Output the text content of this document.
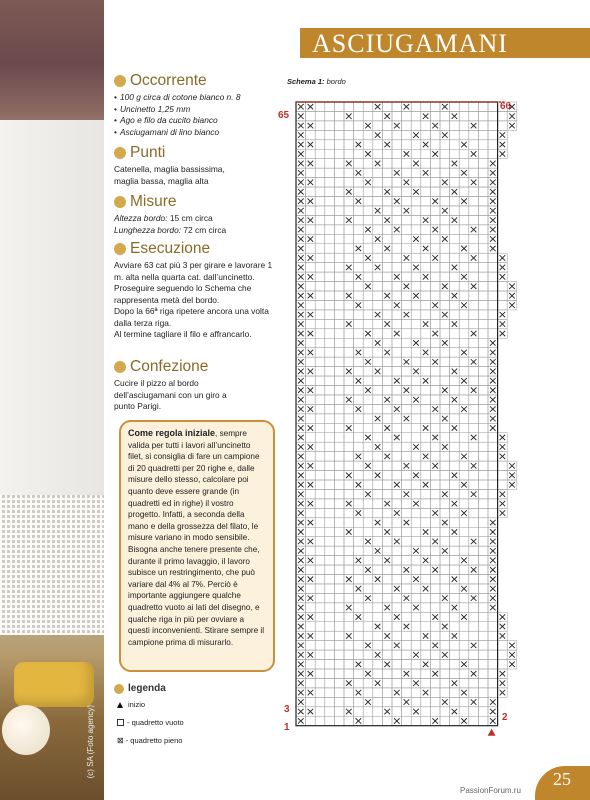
(c) SA (Foto agency)
ASCIUGAMANI
Occorrente
• 100 g circa di cotone bianco n. 8
• Uncinetto 1,25 mm
• Ago e filo da cucito bianco
• Asciugamani di lino bianco
Punti

Catenella, maglia bassissima, maglia bassa, maglia alta

Misure

Altezza bordo: 15 cm circa

Lunghezza bordo: 72 cm circa

Esecuzione

Avviare 63 cat più 3 per girare e lavorare 1 m. alta nella quarta cat. dall’uncinetto.

Proseguire seguendo lo Schema che rappresenta metà del bordo.

Dopo la 66ª riga ripetere ancora una volta dalla terza riga.

Al termine tagliare il filo e affrancarlo.

Confezione

Cucire il pizzo al bordo dell’asciugamani con un giro a punto Parigi.

Come regola iniziale, sempre valida per tutti i lavori all’uncinetto filet, si consiglia di fare un campione di 20 quadretti per 20 righe e, dalle misure dello stesso, calcolare poi quanto deve essere grande (in quadretti ed in righe) il vostro progetto. Infatti, a seconda della mano e della grossezza del filato, le misure variano in modo sensibile. Bisogna anche tenere presente che, durante il primo lavaggio, il lavoro subisce un restringimento, che può variare dal 4% al 7%. Perciò è importante aggiungere qualche quadretto vuoto ai lati del disegno, e qualche riga in più per ovviare a questi inconvenienti. Stirare sempre il campione prima di misurarlo.

legenda
inizio
- quadretto vuoto
⊠ - quadretto pieno
Schema 1: bordo
65
66
3
2
1
PassionForum.ru
25
